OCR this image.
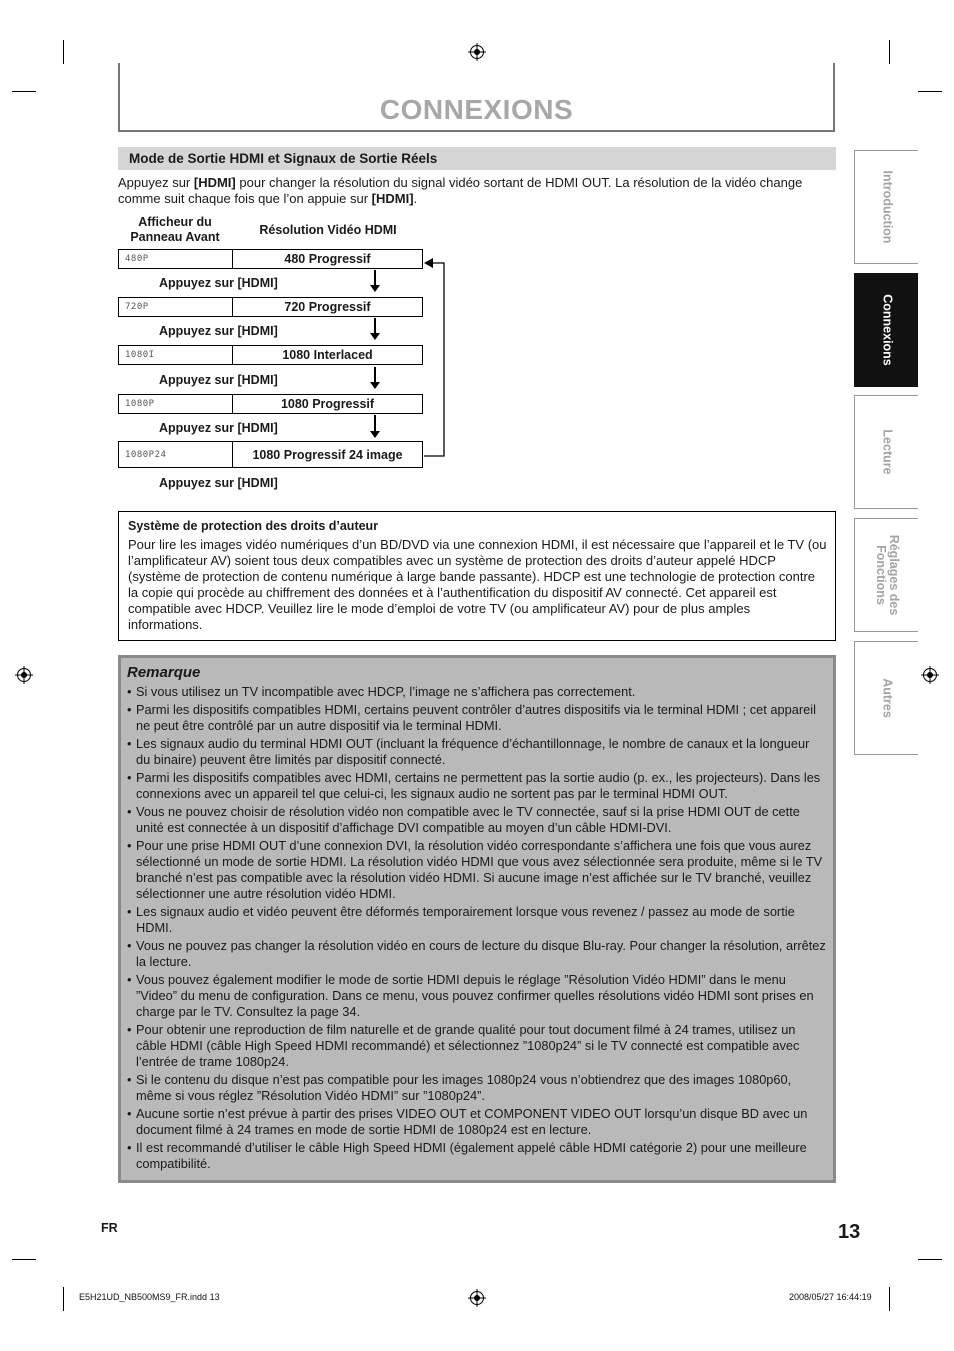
CONNEXIONS
Mode de Sortie HDMI et Signaux de Sortie Réels
Appuyez sur [HDMI] pour changer la résolution du signal vidéo sortant de HDMI OUT. La résolution de la vidéo change comme suit chaque fois que l’on appuie sur [HDMI].
Afficheur du Panneau Avant	Résolution Vidéo HDMI
480P	480 Progressif
Appuyez sur [HDMI]
720P	720 Progressif
Appuyez sur [HDMI]
1080I	1080 Interlaced
Appuyez sur [HDMI]
1080P	1080 Progressif
Appuyez sur [HDMI]
1080P24	1080 Progressif 24 image
Appuyez sur [HDMI]
Système de protection des droits d’auteur
Pour lire les images vidéo numériques d’un BD/DVD via une connexion HDMI, il est nécessaire que l’appareil et le TV (ou l’amplificateur AV) soient tous deux compatibles avec un système de protection des droits d’auteur appelé HDCP (système de protection de contenu numérique à large bande passante). HDCP est une technologie de protection contre la copie qui procède au chiffrement des données et à l’authentification du dispositif AV connecté. Cet appareil est compatible avec HDCP. Veuillez lire le mode d’emploi de votre TV (ou amplificateur AV) pour de plus amples informations.
Remarque
• Si vous utilisez un TV incompatible avec HDCP, l’image ne s’affichera pas correctement.
• Parmi les dispositifs compatibles HDMI, certains peuvent contrôler d’autres dispositifs via le terminal HDMI ; cet appareil ne peut être contrôlé par un autre dispositif via le terminal HDMI.
• Les signaux audio du terminal HDMI OUT (incluant la fréquence d’échantillonnage, le nombre de canaux et la longueur du binaire) peuvent être limités par dispositif connecté.
• Parmi les dispositifs compatibles avec HDMI, certains ne permettent pas la sortie audio (p. ex., les projecteurs). Dans les connexions avec un appareil tel que celui-ci, les signaux audio ne sortent pas par le terminal HDMI OUT.
• Vous ne pouvez choisir de résolution vidéo non compatible avec le TV connectée, sauf si la prise HDMI OUT de cette unité est connectée à un dispositif d’affichage DVI compatible au moyen d’un câble HDMI-DVI.
• Pour une prise HDMI OUT d’une connexion DVI, la résolution vidéo correspondante s’affichera une fois que vous aurez sélectionné un mode de sortie HDMI. La résolution vidéo HDMI que vous avez sélectionnée sera produite, même si le TV branché n’est pas compatible avec la résolution vidéo HDMI. Si aucune image n’est affichée sur le TV branché, veuillez sélectionner une autre résolution vidéo HDMI.
• Les signaux audio et vidéo peuvent être déformés temporairement lorsque vous revenez / passez au mode de sortie HDMI.
• Vous ne pouvez pas changer la résolution vidéo en cours de lecture du disque Blu-ray. Pour changer la résolution, arrêtez la lecture.
• Vous pouvez également modifier le mode de sortie HDMI depuis le réglage ”Résolution Vidéo HDMI” dans le menu ”Video” du menu de configuration. Dans ce menu, vous pouvez confirmer quelles résolutions vidéo HDMI sont prises en charge par le TV. Consultez la page 34.
• Pour obtenir une reproduction de film naturelle et de grande qualité pour tout document filmé à 24 trames, utilisez un câble HDMI (câble High Speed HDMI recommandé) et sélectionnez ”1080p24” si le TV connecté est compatible avec l’entrée de trame 1080p24.
• Si le contenu du disque n’est pas compatible pour les images 1080p24 vous n’obtiendrez que des images 1080p60, même si vous réglez ”Résolution Vidéo HDMI” sur ”1080p24”.
• Aucune sortie n’est prévue à partir des prises VIDEO OUT et COMPONENT VIDEO OUT lorsqu’un disque BD avec un document filmé à 24 trames en mode de sortie HDMI de 1080p24 est en lecture.
• Il est recommandé d’utiliser le câble High Speed HDMI (également appelé câble HDMI catégorie 2) pour une meilleure compatibilité.
Introduction
Connexions
Lecture
Réglages des
Fonctions
Autres
FR	13
E5H21UD_NB500MS9_FR.indd 13	2008/05/27 16:44:19
